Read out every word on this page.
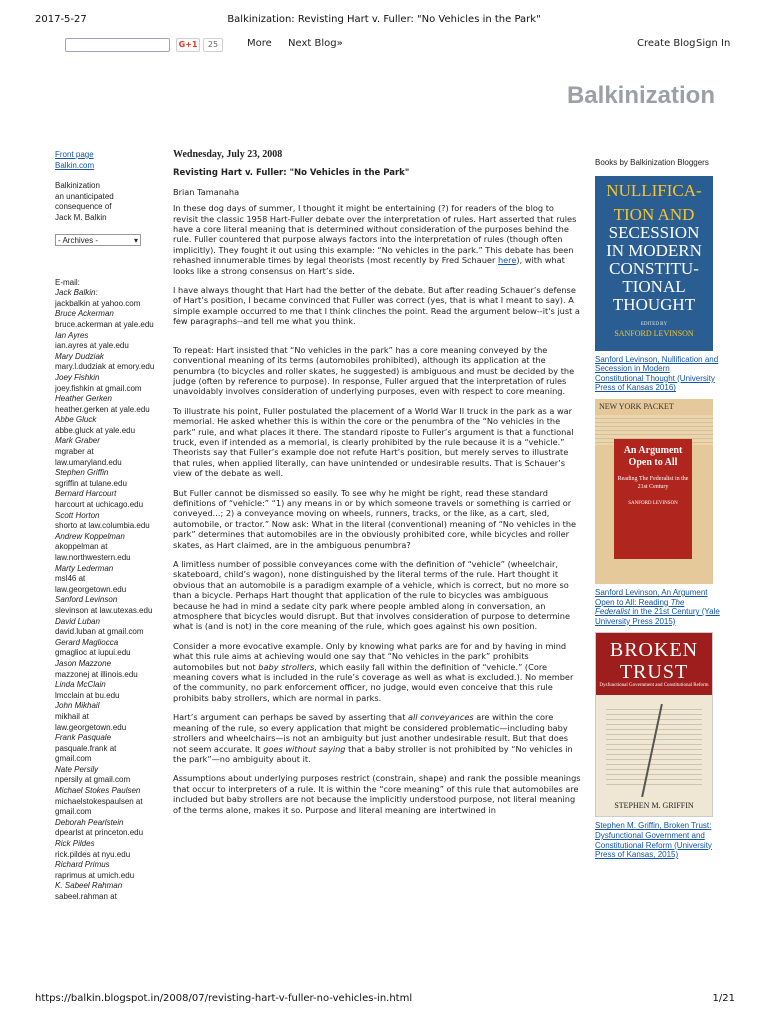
2017-5-27	Balkinization: Revisting Hart v. Fuller: "No Vehicles in the Park"
G+1	25	More Next Blog»	Create Blog Sign In
Balkinization
Front page
Balkin.com
Balkinization
an unanticipated
consequence of
Jack M. Balkin
- Archives -	▾
E-mail:
Jack Balkin:
jackbalkin at yahoo.com
Bruce Ackerman
bruce.ackerman at yale.edu
Ian Ayres
ian.ayres at yale.edu
Mary Dudziak
mary.l.dudziak at emory.edu
Joey Fishkin
joey.fishkin at gmail.com
Heather Gerken
heather.gerken at yale.edu
Abbe Gluck
abbe.gluck at yale.edu
Mark Graber
mgraber at law.umaryland.edu
Stephen Griffin
sgriffin at tulane.edu
Bernard Harcourt
harcourt at uchicago.edu
Scott Horton
shorto at law.columbia.edu
Andrew Koppelman
akoppelman at law.northwestern.edu
Marty Lederman
msl46 at law.georgetown.edu
Sanford Levinson
slevinson at law.utexas.edu
David Luban
david.luban at gmail.com
Gerard Magliocca
gmaglioc at iupui.edu
Jason Mazzone
mazzonej at illinois.edu
Linda McClain
lmcclain at bu.edu
John Mikhail
mikhail at law.georgetown.edu
Frank Pasquale
pasquale.frank at gmail.com
Nate Persily
npersily at gmail.com
Michael Stokes Paulsen
michaelstokespaulsen at gmail.com
Deborah Pearlstein
dpearlst at princeton.edu
Rick Pildes
rick.pildes at nyu.edu
Richard Primus
raprimus at umich.edu
K. Sabeel Rahman
sabeel.rahman at
Wednesday, July 23, 2008
Revisting Hart v. Fuller: "No Vehicles in the Park"
Brian Tamanaha

In these dog days of summer, I thought it might be entertaining (?) for readers of the blog to revisit the classic 1958 Hart-Fuller debate over the interpretation of rules. Hart asserted that rules have a core literal meaning that is determined without consideration of the purposes behind the rule. Fuller countered that purpose always factors into the interpretation of rules (though often implicitly). They fought it out using this example: “No vehicles in the park.” This debate has been rehashed innumerable times by legal theorists (most recently by Fred Schauer here), with what looks like a strong consensus on Hart’s side.

I have always thought that Hart had the better of the debate. But after reading Schauer’s defense of Hart’s position, I became convinced that Fuller was correct (yes, that is what I meant to say). A simple example occurred to me that I think clinches the point. Read the argument below--it's just a few paragraphs--and tell me what you think.

To repeat: Hart insisted that “No vehicles in the park” has a core meaning conveyed by the conventional meaning of its terms (automobiles prohibited), although its application at the penumbra (to bicycles and roller skates, he suggested) is ambiguous and must be decided by the judge (often by reference to purpose). In response, Fuller argued that the interpretation of rules unavoidably involves consideration of underlying purposes, even with respect to core meaning.

To illustrate his point, Fuller postulated the placement of a World War II truck in the park as a war memorial. He asked whether this is within the core or the penumbra of the “No vehicles in the park” rule, and what places it there. The standard riposte to Fuller’s argument is that a functional truck, even if intended as a memorial, is clearly prohibited by the rule because it is a “vehicle.” Theorists say that Fuller’s example doe not refute Hart’s position, but merely serves to illustrate that rules, when applied literally, can have unintended or undesirable results. That is Schauer’s view of the debate as well.

But Fuller cannot be dismissed so easily. To see why he might be right, read these standard definitions of “vehicle:” “1) any means in or by which someone travels or something is carried or conveyed...; 2) a conveyance moving on wheels, runners, tracks, or the like, as a cart, sled, automobile, or tractor.” Now ask: What in the literal (conventional) meaning of “No vehicles in the park” determines that automobiles are in the obviously prohibited core, while bicycles and roller skates, as Hart claimed, are in the ambiguous penumbra?

A limitless number of possible conveyances come with the definition of “vehicle” (wheelchair, skateboard, child’s wagon), none distinguished by the literal terms of the rule. Hart thought it obvious that an automobile is a paradigm example of a vehicle, which is correct, but no more so than a bicycle. Perhaps Hart thought that application of the rule to bicycles was ambiguous because he had in mind a sedate city park where people ambled along in conversation, an atmosphere that bicycles would disrupt. But that involves consideration of purpose to determine what is (and is not) in the core meaning of the rule, which goes against his own position.

Consider a more evocative example. Only by knowing what parks are for and by having in mind what this rule aims at achieving would one say that “No vehicles in the park” prohibits automobiles but not baby strollers, which easily fall within the definition of “vehicle.” (Core meaning covers what is included in the rule’s coverage as well as what is excluded.). No member of the community, no park enforcement officer, no judge, would even conceive that this rule prohibits baby strollers, which are normal in parks.

Hart’s argument can perhaps be saved by asserting that all conveyances are within the core meaning of the rule, so every application that might be considered problematic—including baby strollers and wheelchairs—is not an ambiguity but just another undesirable result. But that does not seem accurate. It goes without saying that a baby stroller is not prohibited by “No vehicles in the park”—no ambiguity about it.

Assumptions about underlying purposes restrict (constrain, shape) and rank the possible meanings that occur to interpreters of a rule. It is within the “core meaning” of this rule that automobiles are included but baby strollers are not because the implicitly understood purpose, not literal meaning of the terms alone, makes it so. Purpose and literal meaning are intertwined in

Books by Balkinization Bloggers
NULLIFICA-
TION AND
SECESSION
IN MODERN
CONSTITU-
TIONAL
THOUGHT
EDITED BY
SANFORD LEVINSON
Sanford Levinson, Nullification and Secession in Modern Constitutional Thought (University Press of Kansas 2016)
NEW YORK PACKET
An Argument Open to All
Reading The Federalist in the 21st Century
SANFORD LEVINSON
Sanford Levinson, An Argument Open to All: Reading The Federalist in the 21st Century (Yale University Press 2015)
BROKEN
TRUST
Dysfunctional Government and Constitutional Reform
STEPHEN M. GRIFFIN
Stephen M. Griffin, Broken Trust: Dysfunctional Government and Constitutional Reform (University Press of Kansas, 2015)
https://balkin.blogspot.in/2008/07/revisting-hart-v-fuller-no-vehicles-in.html	1/21
